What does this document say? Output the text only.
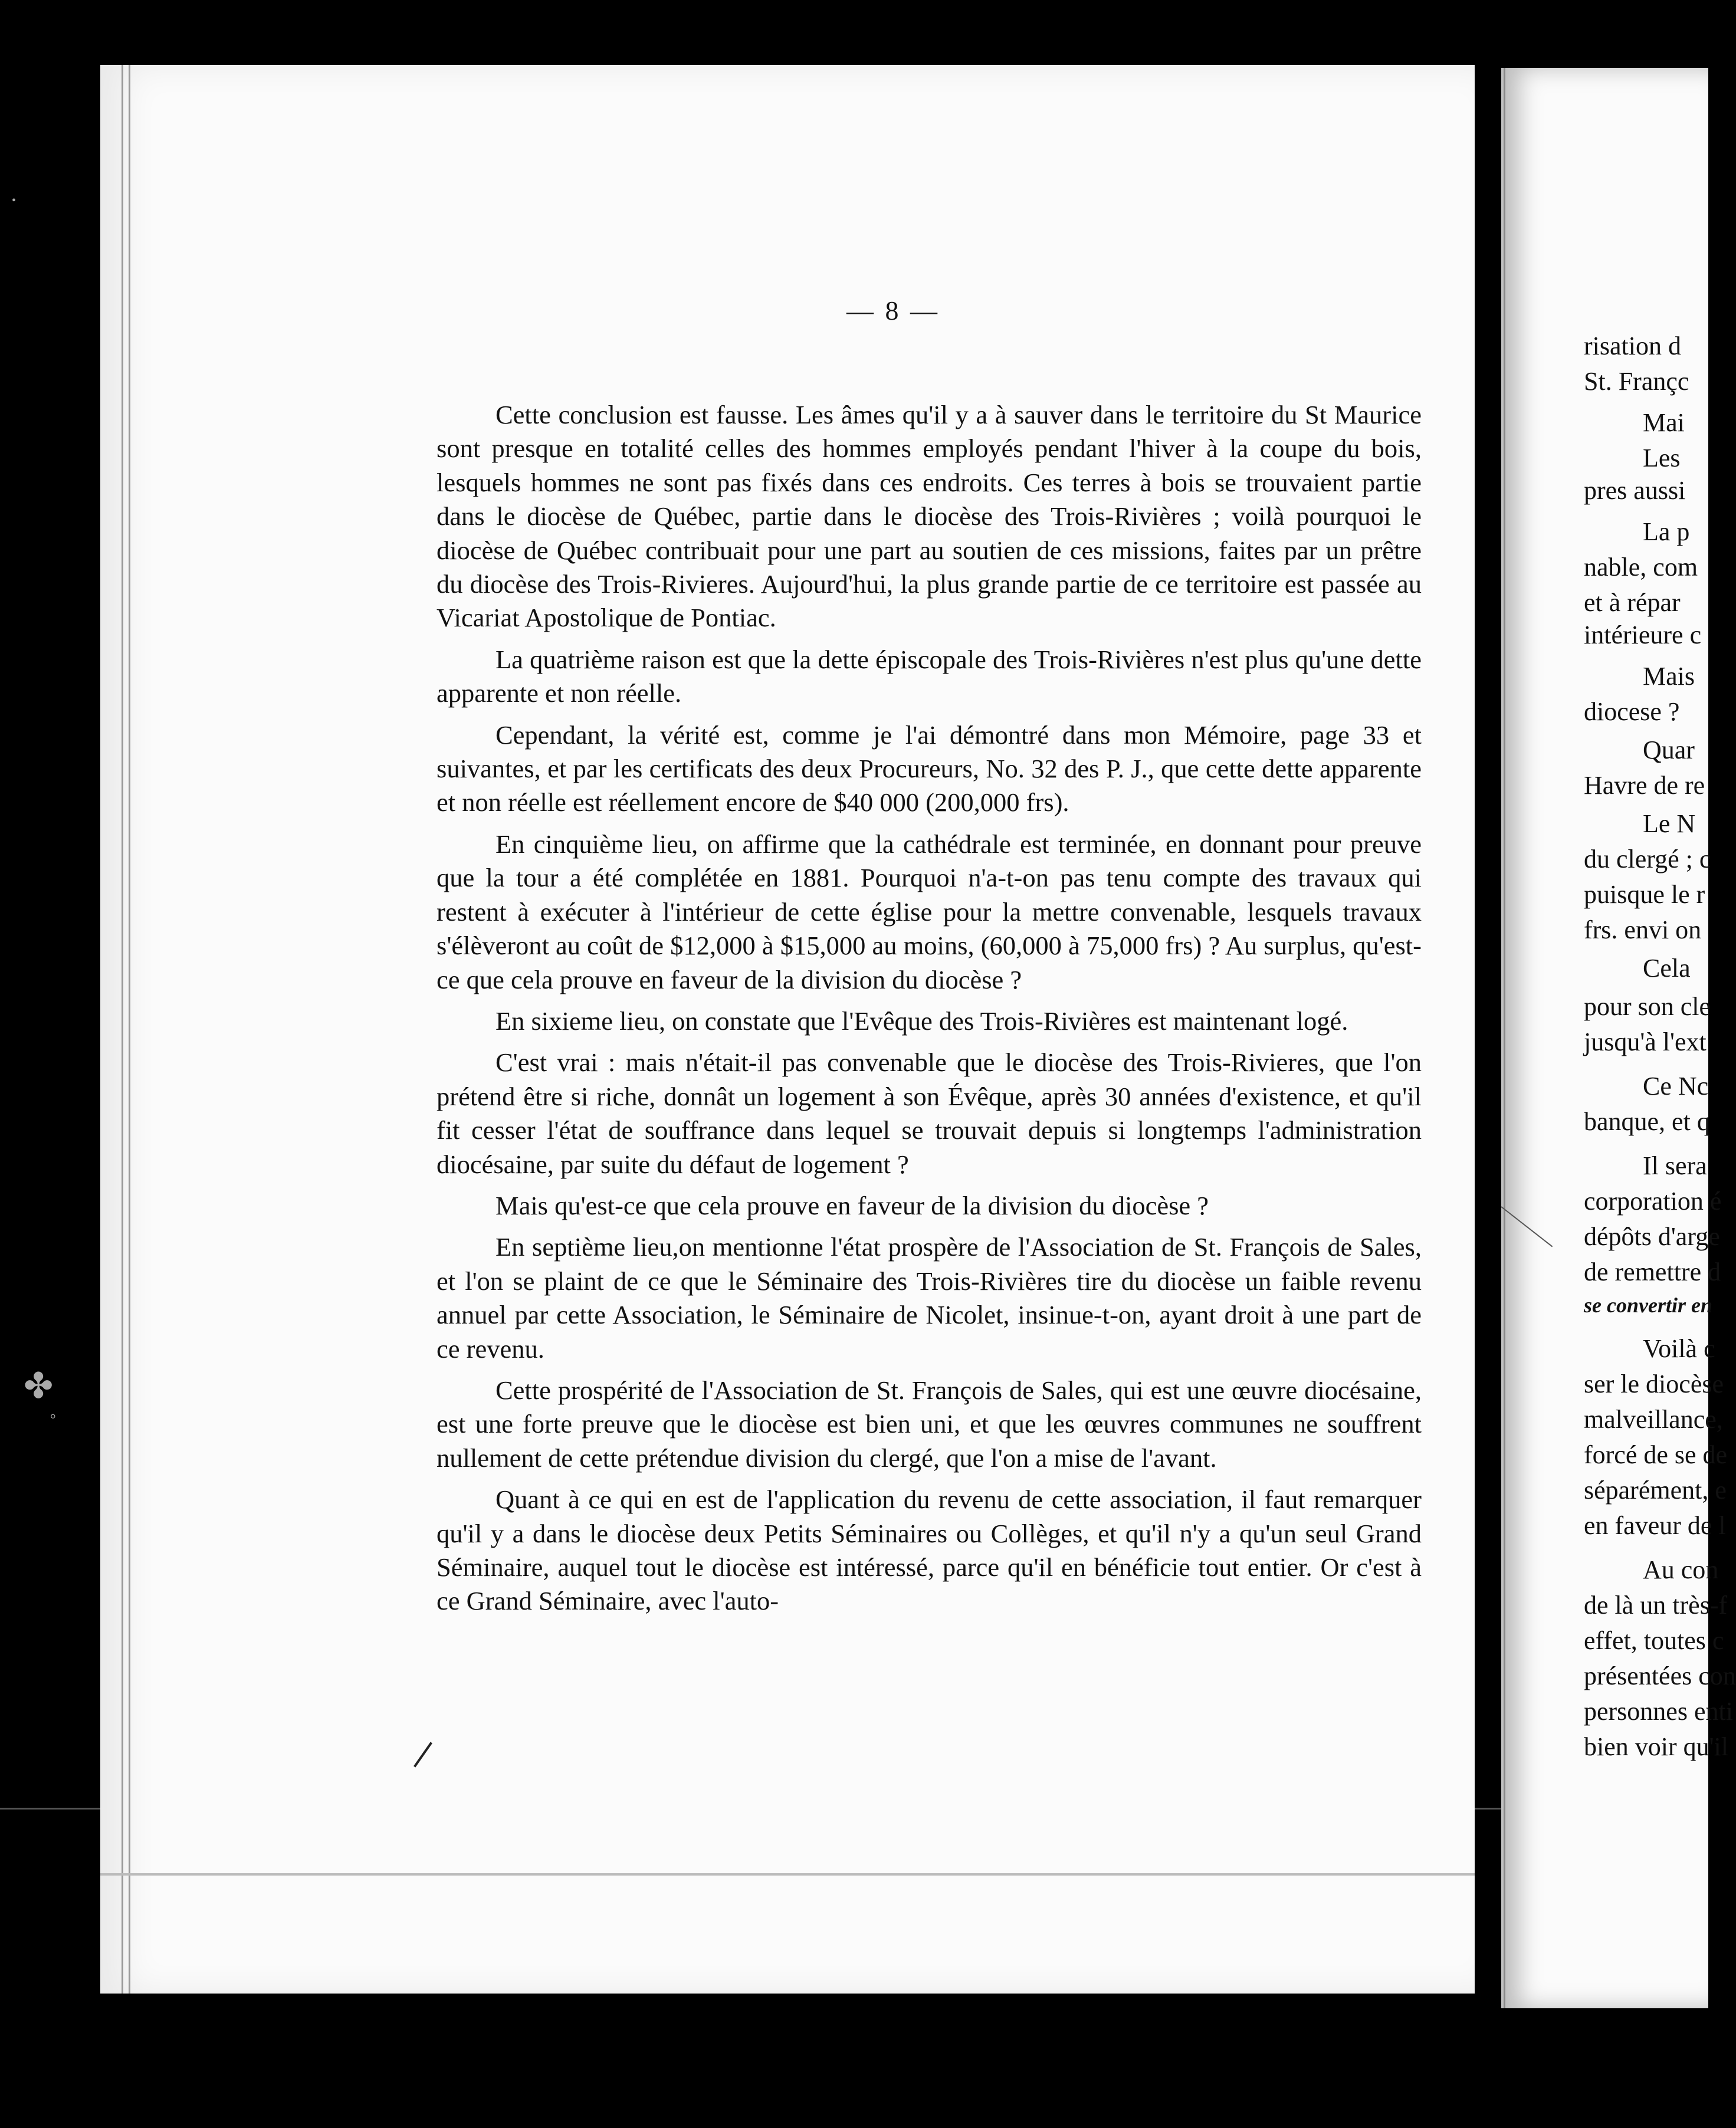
✤
•
°
— 8 —

Cette conclusion est fausse. Les âmes qu'il y a à sauver dans le territoire du St Maurice sont presque en totalité celles des hommes employés pendant l'hiver à la coupe du bois, lesquels hommes ne sont pas fixés dans ces endroits. Ces terres à bois se trouvaient partie dans le diocèse de Québec, partie dans le diocèse des Trois-Rivières ; voilà pourquoi le diocèse de Québec contribuait pour une part au soutien de ces missions, faites par un prêtre du diocèse des Trois-Rivieres. Aujourd'hui, la plus grande partie de ce territoire est passée au Vicariat Apostolique de Pontiac.

La quatrième raison est que la dette épiscopale des Trois-Rivières n'est plus qu'une dette apparente et non réelle.

Cependant, la vérité est, comme je l'ai démontré dans mon Mémoire, page 33 et suivantes, et par les certificats des deux Procureurs, No. 32 des P. J., que cette dette apparente et non réelle est réellement encore de $40 000 (200,000 frs).

En cinquième lieu, on affirme que la cathédrale est terminée, en donnant pour preuve que la tour a été complétée en 1881. Pourquoi n'a-t-on pas tenu compte des travaux qui restent à exécuter à l'intérieur de cette église pour la mettre convenable, lesquels travaux s'élèveront au coût de $12,000 à $15,000 au moins, (60,000 à 75,000 frs) ? Au surplus, qu'est-ce que cela prouve en faveur de la division du diocèse ?

En sixieme lieu, on constate que l'Evêque des Trois-Rivières est maintenant logé.

C'est vrai : mais n'était-il pas convenable que le diocèse des Trois-Rivieres, que l'on prétend être si riche, donnât un logement à son Évêque, après 30 années d'existence, et qu'il fit cesser l'état de souffrance dans lequel se trouvait depuis si longtemps l'administration diocésaine, par suite du défaut de logement ?

Mais qu'est-ce que cela prouve en faveur de la division du diocèse ?

En septième lieu,on mentionne l'état prospère de l'Association de St. François de Sales, et l'on se plaint de ce que le Séminaire des Trois-Rivières tire du diocèse un faible revenu annuel par cette Association, le Séminaire de Nicolet, insinue-t-on, ayant droit à une part de ce revenu.

Cette prospérité de l'Association de St. François de Sales, qui est une œuvre diocésaine, est une forte preuve que le diocèse est bien uni, et que les œuvres communes ne souffrent nullement de cette prétendue division du clergé, que l'on a mise de l'avant.

Quant à ce qui en est de l'application du revenu de cette association, il faut remarquer qu'il y a dans le diocèse deux Petits Séminaires ou Collèges, et qu'il n'y a qu'un seul Grand Séminaire, auquel tout le diocèse est intéressé, parce qu'il en bénéficie tout entier. Or c'est à ce Grand Séminaire, avec l'auto-

risation d
St. Françc
Mai
Les
pres aussi
La p
nable, com
et à répar
intérieure c
Mais
diocese ?
Quar
Havre de re
Le N
du clergé ; c
puisque le r
frs. envi on
Cela
pour son cle
jusqu'à l'ext
Ce Nc
banque, et q
Il sera
corporation é
dépôts d'arge
de remettre d
se convertir en
Voilà c
ser le diocèse
malveillance,
forcé de se de
séparément, e
en faveur de l
Au con
de là un très-f
effet, toutes c
présentées con
personnes enti
bien voir qu'il
